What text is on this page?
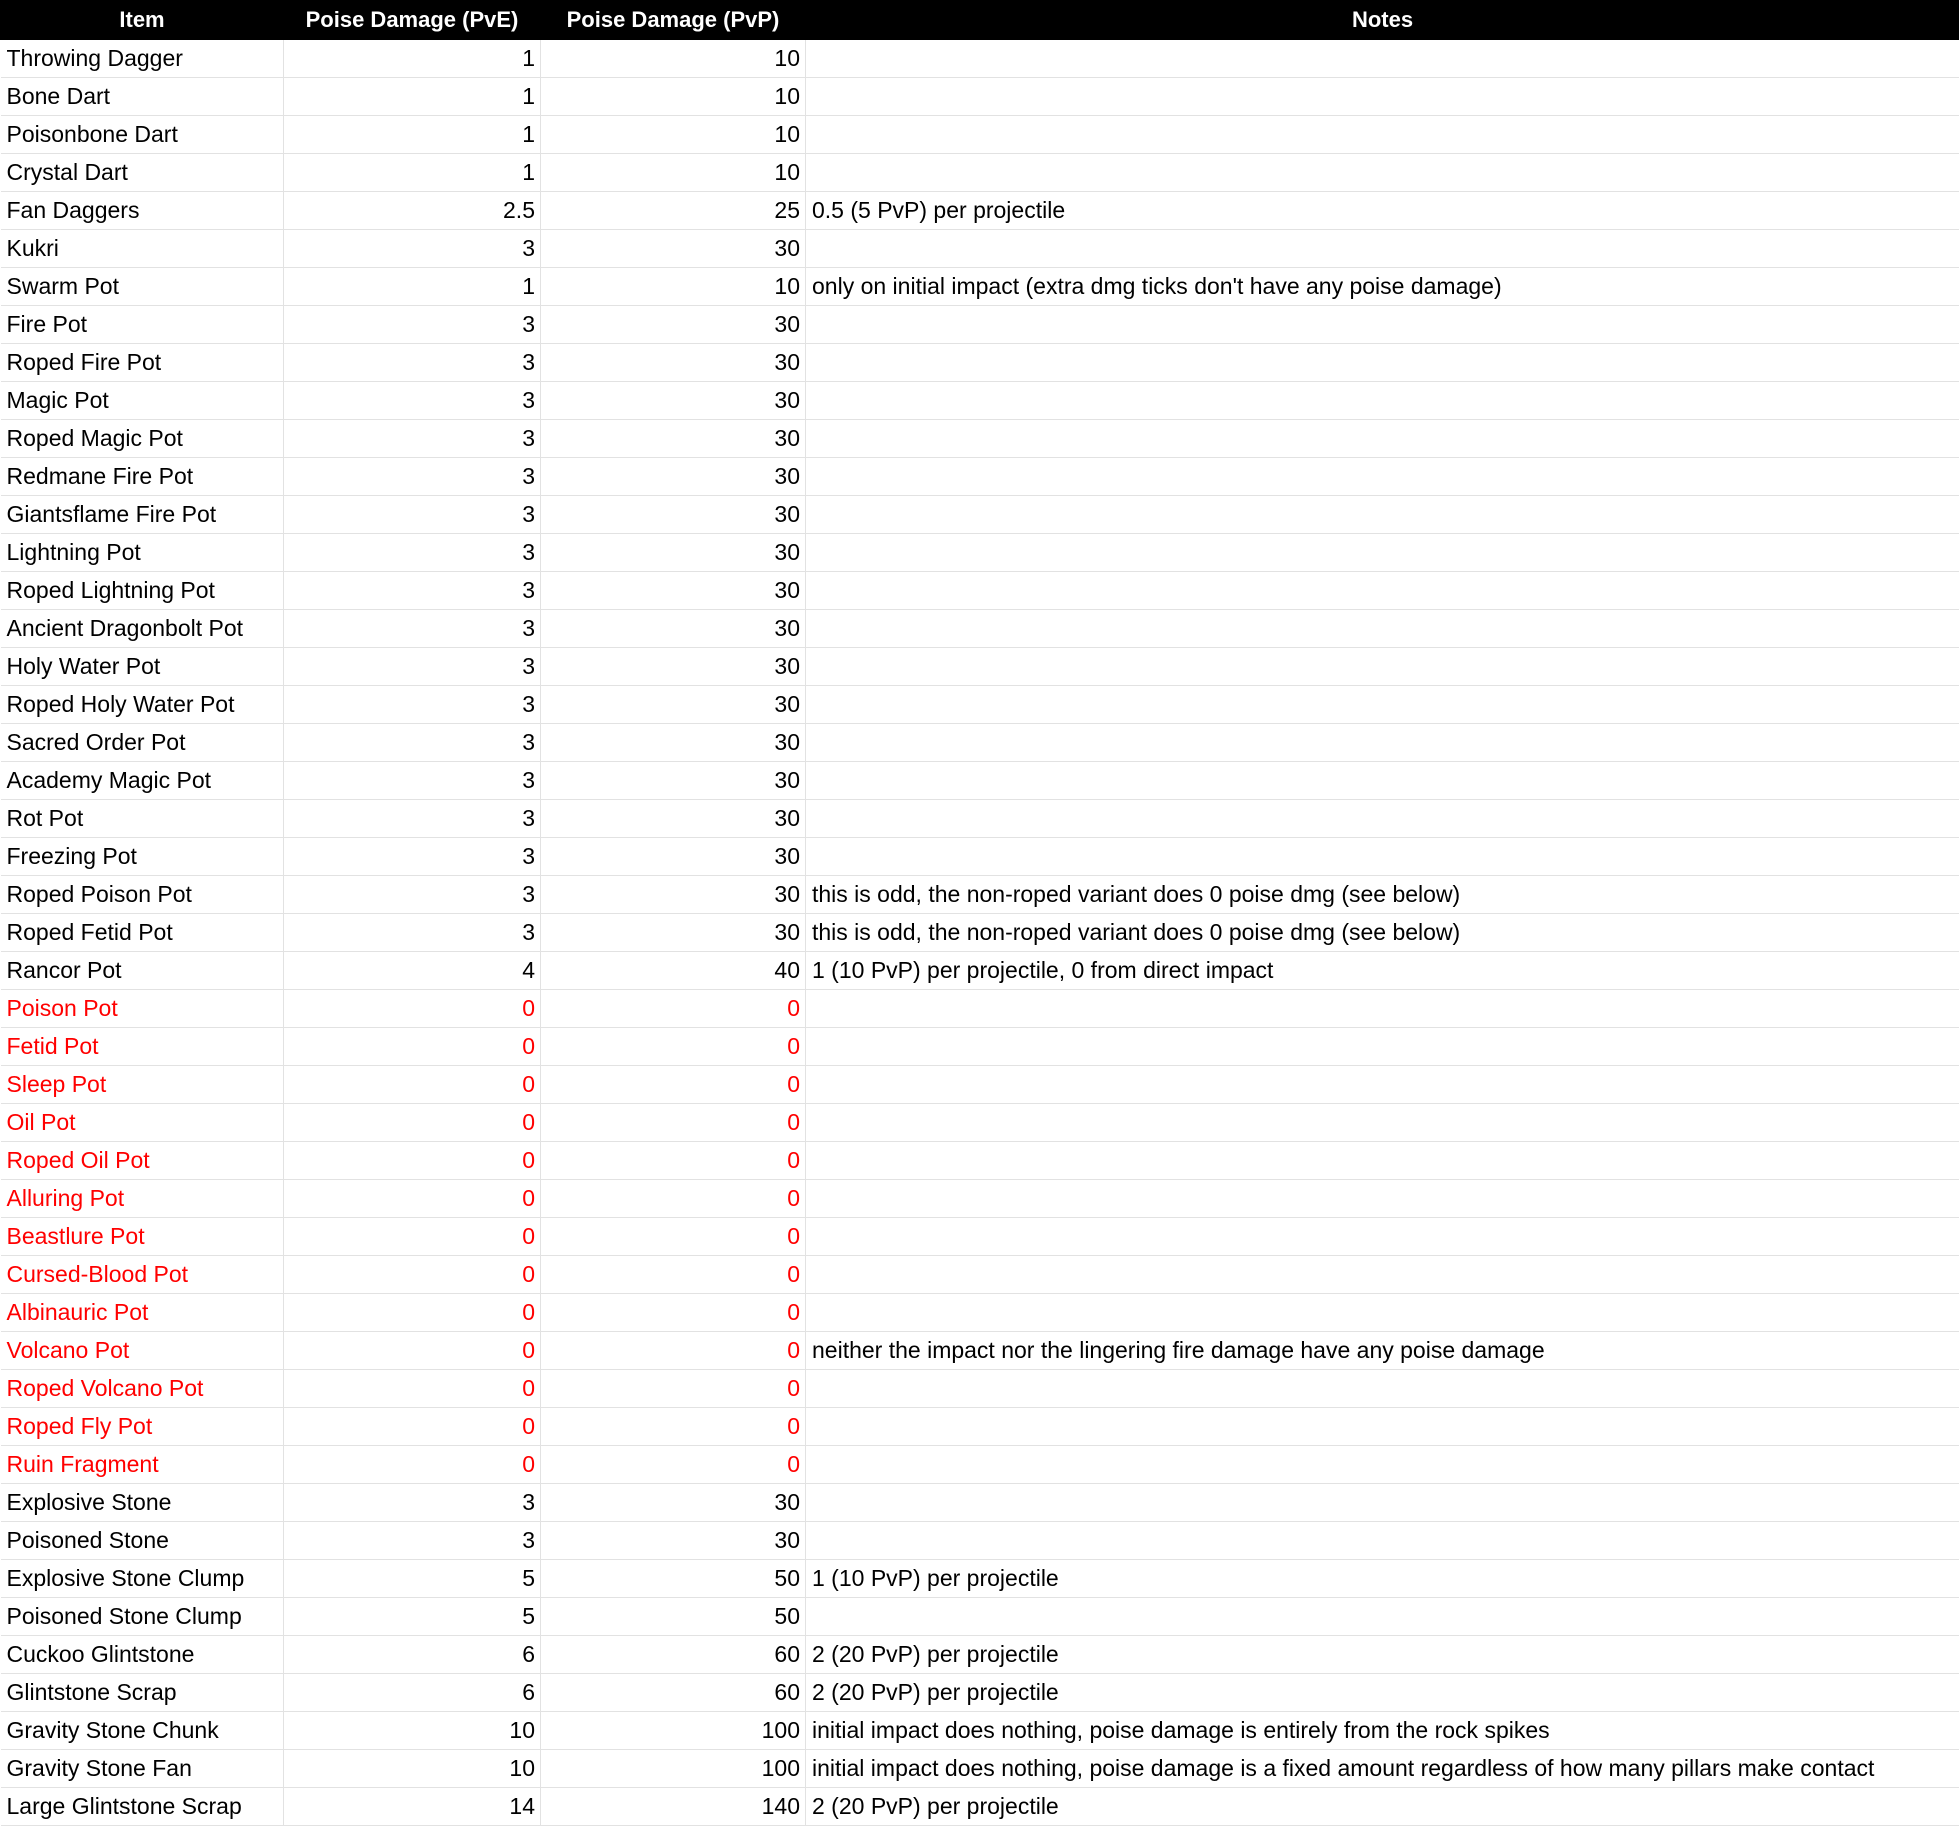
Item	Poise Damage (PvE)	Poise Damage (PvP)	Notes
Throwing Dagger	1	10	
Bone Dart	1	10	
Poisonbone Dart	1	10	
Crystal Dart	1	10	
Fan Daggers	2.5	25	0.5 (5 PvP) per projectile
Kukri	3	30	
Swarm Pot	1	10	only on initial impact (extra dmg ticks don't have any poise damage)
Fire Pot	3	30	
Roped Fire Pot	3	30	
Magic Pot	3	30	
Roped Magic Pot	3	30	
Redmane Fire Pot	3	30	
Giantsflame Fire Pot	3	30	
Lightning Pot	3	30	
Roped Lightning Pot	3	30	
Ancient Dragonbolt Pot	3	30	
Holy Water Pot	3	30	
Roped Holy Water Pot	3	30	
Sacred Order Pot	3	30	
Academy Magic Pot	3	30	
Rot Pot	3	30	
Freezing Pot	3	30	
Roped Poison Pot	3	30	this is odd, the non-roped variant does 0 poise dmg (see below)
Roped Fetid Pot	3	30	this is odd, the non-roped variant does 0 poise dmg (see below)
Rancor Pot	4	40	1 (10 PvP) per projectile, 0 from direct impact
Poison Pot	0	0	
Fetid Pot	0	0	
Sleep Pot	0	0	
Oil Pot	0	0	
Roped Oil Pot	0	0	
Alluring Pot	0	0	
Beastlure Pot	0	0	
Cursed-Blood Pot	0	0	
Albinauric Pot	0	0	
Volcano Pot	0	0	neither the impact nor the lingering fire damage have any poise damage
Roped Volcano Pot	0	0	
Roped Fly Pot	0	0	
Ruin Fragment	0	0	
Explosive Stone	3	30	
Poisoned Stone	3	30	
Explosive Stone Clump	5	50	1 (10 PvP) per projectile
Poisoned Stone Clump	5	50	
Cuckoo Glintstone	6	60	2 (20 PvP) per projectile
Glintstone Scrap	6	60	2 (20 PvP) per projectile
Gravity Stone Chunk	10	100	initial impact does nothing, poise damage is entirely from the rock spikes
Gravity Stone Fan	10	100	initial impact does nothing, poise damage is a fixed amount regardless of how many pillars make contact
Large Glintstone Scrap	14	140	2 (20 PvP) per projectile
